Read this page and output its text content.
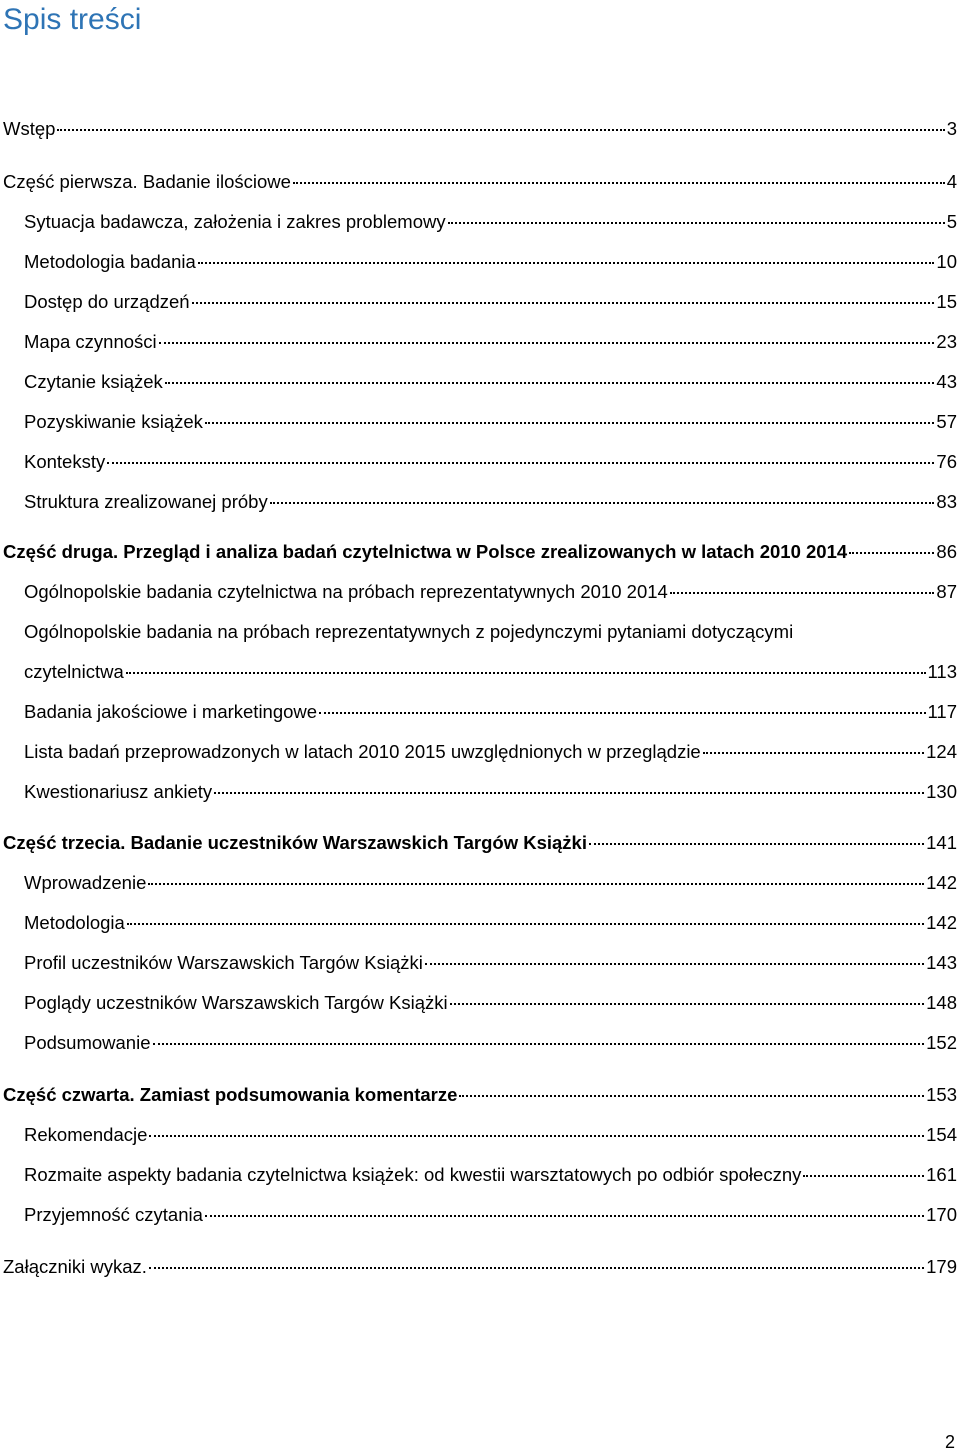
Spis treści
Wstęp	3
Część pierwsza. Badanie ilościowe	4
Sytuacja badawcza, założenia i zakres problemowy	5
Metodologia badania	10
Dostęp do urządzeń	15
Mapa czynności	23
Czytanie książek	43
Pozyskiwanie książek	57
Konteksty	76
Struktura zrealizowanej próby	83
Część druga. Przegląd i analiza badań czytelnictwa w Polsce zrealizowanych w latach 2010 2014	86
Ogólnopolskie badania czytelnictwa na próbach reprezentatywnych 2010 2014	87
Ogólnopolskie badania na próbach reprezentatywnych z pojedynczymi pytaniami dotyczącymi
czytelnictwa	113
Badania jakościowe i marketingowe	117
Lista badań przeprowadzonych w latach 2010 2015 uwzględnionych w przeglądzie	124
Kwestionariusz ankiety	130
Część trzecia. Badanie uczestników Warszawskich Targów Książki	141
Wprowadzenie	142
Metodologia	142
Profil uczestników Warszawskich Targów Książki	143
Poglądy uczestników Warszawskich Targów Książki	148
Podsumowanie	152
Część czwarta. Zamiast podsumowania komentarze	153
Rekomendacje	154
Rozmaite aspekty badania czytelnictwa książek: od kwestii warsztatowych po odbiór społeczny	161
Przyjemność czytania	170
Załączniki wykaz.	179
2
